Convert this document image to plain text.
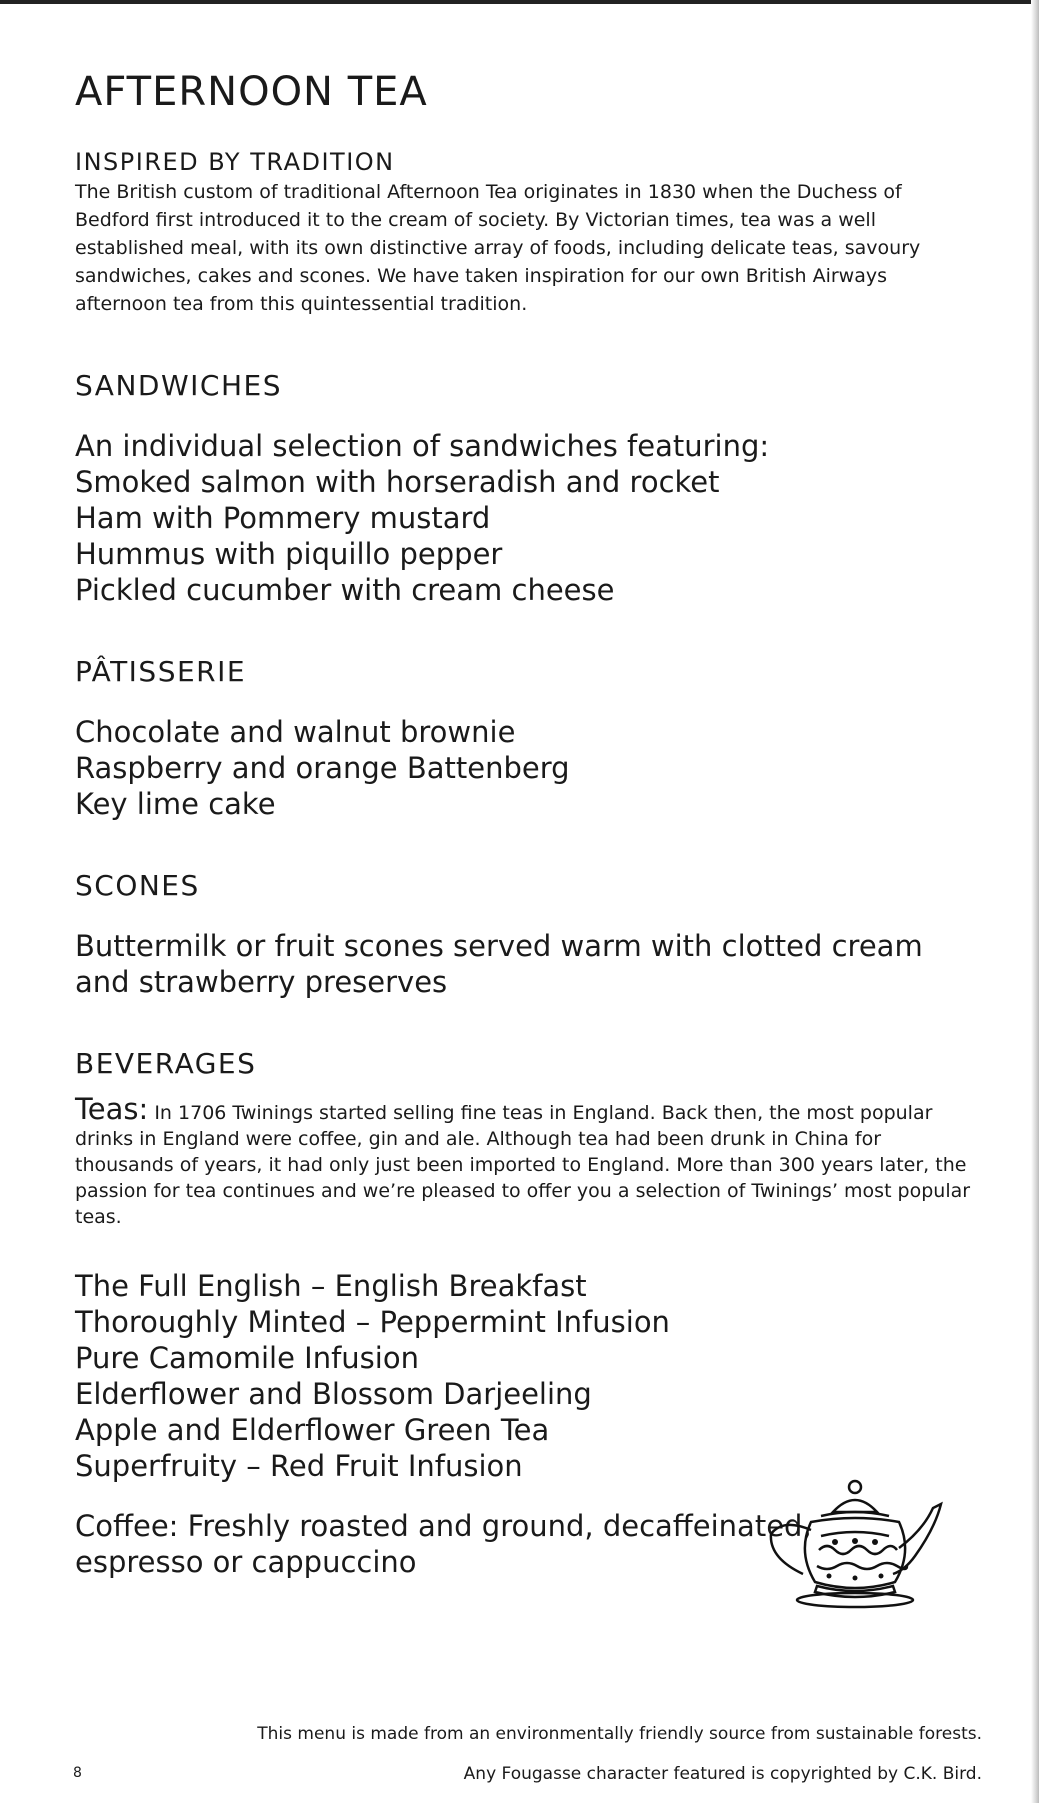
AFTERNOON TEA
INSPIRED BY TRADITION

The British custom of traditional Afternoon Tea originates in 1830 when the Duchess of Bedford first introduced it to the cream of society. By Victorian times, tea was a well established meal, with its own distinctive array of foods, including delicate teas, savoury sandwiches, cakes and scones. We have taken inspiration for our own British Airways afternoon tea from this quintessential tradition.

SANDWICHES
An individual selection of sandwiches featuring:
Smoked salmon with horseradish and rocket
Ham with Pommery mustard
Hummus with piquillo pepper
Pickled cucumber with cream cheese
PÂTISSERIE
Chocolate and walnut brownie
Raspberry and orange Battenberg
Key lime cake
SCONES
Buttermilk or fruit scones served warm with clotted cream
and strawberry preserves
BEVERAGES
Teas: In 1706 Twinings started selling fine teas in England. Back then, the most popular drinks in England were coffee, gin and ale. Although tea had been drunk in China for thousands of years, it had only just been imported to England. More than 300 years later, the passion for tea continues and we’re pleased to offer you a selection of Twinings’ most popular teas.
The Full English – English Breakfast
Thoroughly Minted – Peppermint Infusion
Pure Camomile Infusion
Elderflower and Blossom Darjeeling
Apple and Elderflower Green Tea
Superfruity – Red Fruit Infusion
Coffee: Freshly roasted and ground, decaffeinated,
espresso or cappuccino
This menu is made from an environmentally friendly source from sustainable forests.
Any Fougasse character featured is copyrighted by C.K. Bird.
8
